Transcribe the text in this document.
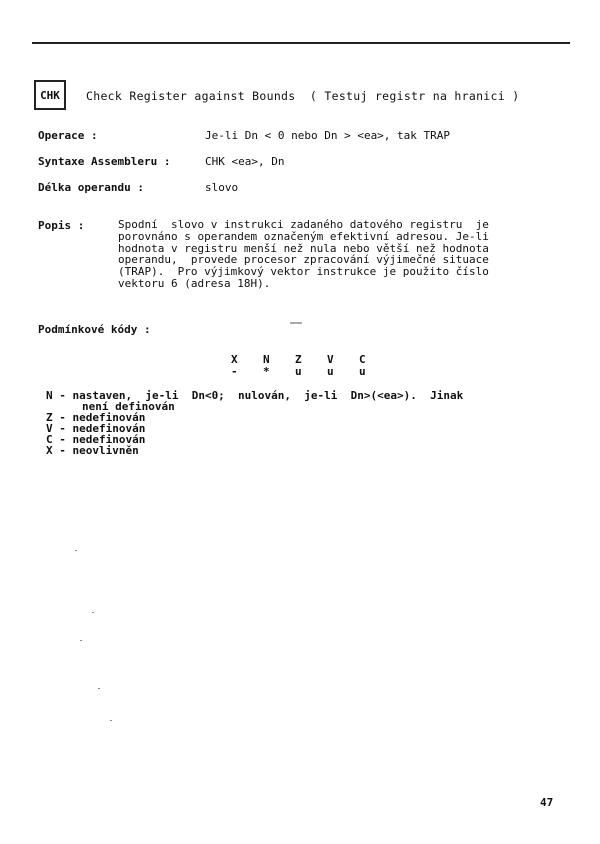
CHK Check Register against Bounds  ( Testuj registr na hranici )
Operace :	Je-li Dn < 0 nebo Dn > <ea>, tak TRAP
Syntaxe Assembleru :	CHK <ea>, Dn
Délka operandu :	slovo
Popis :	Spodní  slovo v instrukci zadaného datového registru  je
porovnáno s operandem označeným efektivní adresou. Je-li
hodnota v registru menší než nula nebo větší než hodnota
operandu,  provede procesor zpracování výjimečné situace
(TRAP).  Pro výjimkový vektor instrukce je použito číslo
vektoru 6 (adresa 18H).
Podmínkové kódy :

X N Z V C

- * u u u

N - nastaven,  je-li  Dn<0;  nulován,  je-li  Dn>(<ea>).  Jinak
není definován
Z - nedefinován
V - nedefinován
C - nedefinován
X - neovlivněn
47
